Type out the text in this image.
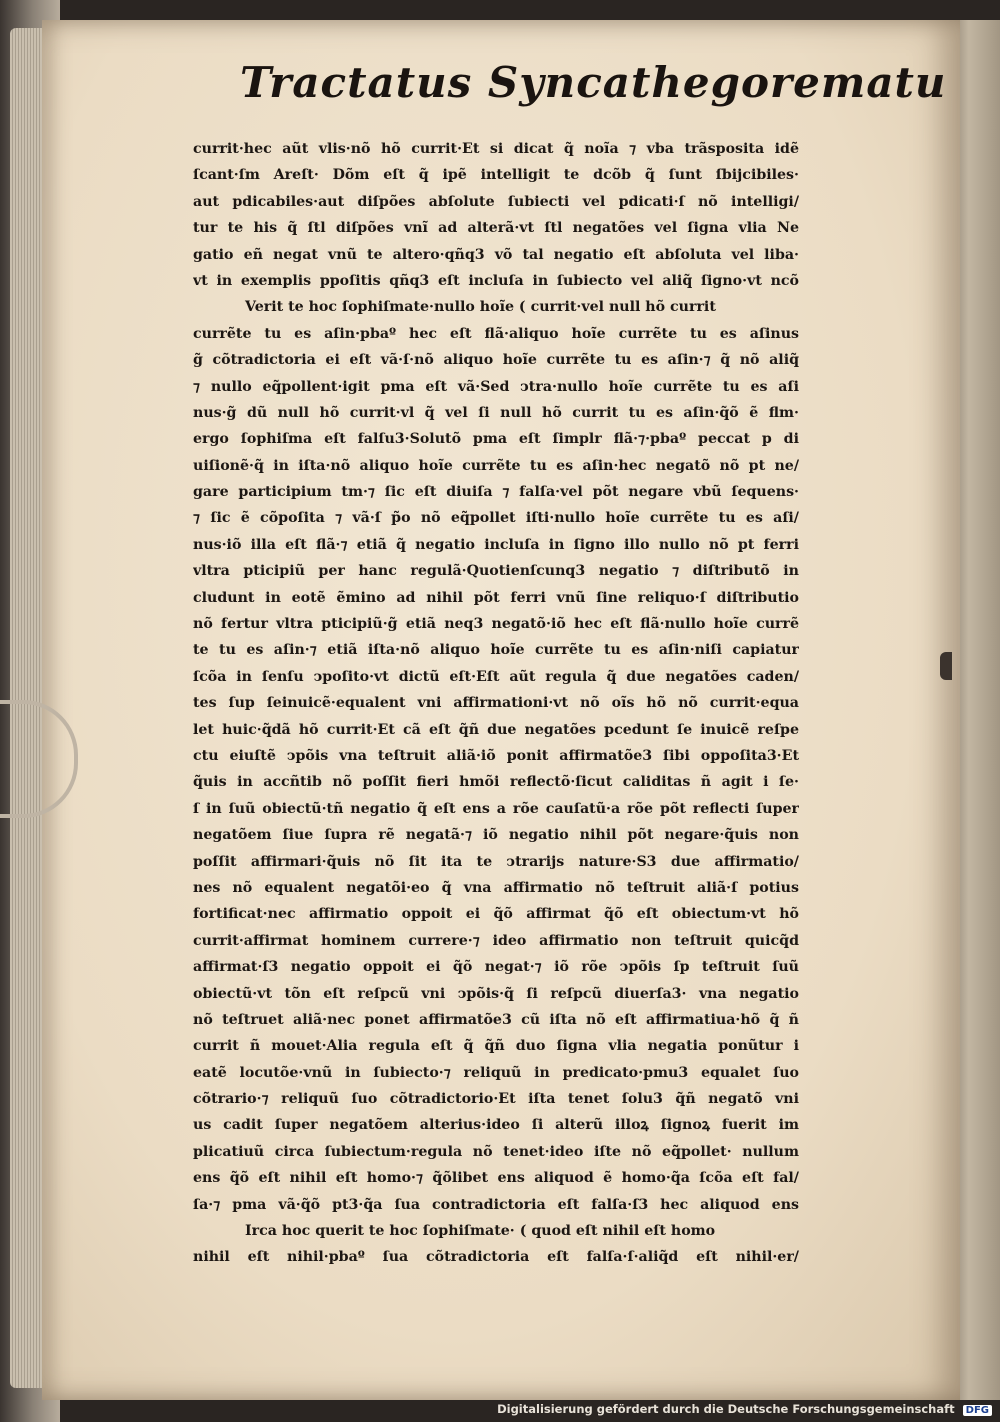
Tractatus Syncathegorematu
currit·hec aũt vlis·nõ hõ currit·Et si dicat q̃ noĩa ⁊ vba trãsposita idẽ
ſcant·ſm Areſt· Dõm eſt q̃ ipẽ intelligit te dcõb q̃ ſunt ſbijcibiles·
aut pdicabiles·aut diſpões abſolute ſubiecti vel pdicati·ſ nõ intelligi/
tur te his q̃ ſtl diſpões vnĩ ad alterã·vt ſtl negatões vel ſigna vlia Ne
gatio eñ negat vnũ te altero·qñq3 võ tal negatio eſt abſoluta vel liba·
vt in exemplis ppoſitis qñq3 eſt incluſa in ſubiecto vel aliq̃ ſigno·vt ncõ
Verit te hoc ſophiſmate·nullo hoĩe ( currit·vel null hõ currit
currẽte tu es aſin·pbaº hec eſt flã·aliquo hoĩe currẽte tu es aſinus
g̃ cõtradictoria ei eſt vã·ſ·nõ aliquo hoĩe currẽte tu es aſin·⁊ q̃ nõ aliq̃
⁊ nullo eq̃pollent·igit pma eſt vã·Sed ↄtra·nullo hoĩe currẽte tu es aſi
nus·g̃ dũ null hõ currit·vl q̃ vel ſi null hõ currit tu es aſin·q̃õ ẽ flm·
ergo ſophiſma eſt falſu3·Solutõ pma eſt ſimplr flã·⁊·pbaº peccat p di
uiſionẽ·q̃ in iſta·nõ aliquo hoĩe currẽte tu es aſin·hec negatõ nõ pt ne/
gare participium tm·⁊ ſic eſt diuiſa ⁊ falſa·vel põt negare vbũ ſequens·
⁊ ſic ẽ cõpoſita ⁊ vã·ſ p̃o nõ eq̃pollet iſti·nullo hoĩe currẽte tu es aſi/
nus·iõ illa eſt flã·⁊ etiã q̃ negatio incluſa in ſigno illo nullo nõ pt ferri
vltra pticipiũ per hanc regulã·Quotienſcunq3 negatio ⁊ diſtributõ in
cludunt in eotẽ ẽmino ad nihil põt ferri vnũ ſine reliquo·ſ diſtributio
nõ fertur vltra pticipiũ·g̃ etiã neq3 negatõ·iõ hec eſt flã·nullo hoĩe currẽ
te tu es aſin·⁊ etiã iſta·nõ aliquo hoĩe currẽte tu es aſin·niſi capiatur
ſcõa in ſenſu ↄpoſito·vt dictũ eſt·Eſt aũt regula q̃ due negatões caden/
tes ſup ſeinuicẽ·equalent vni affirmationi·vt nõ oĩs hõ nõ currit·equa
let huic·q̃dã hõ currit·Et cã eſt q̃ñ due negatões pcedunt ſe inuicẽ reſpe
ctu eiuſtẽ ↄpõis vna teſtruit aliã·iõ ponit affirmatõe3 ſibi oppoſita3·Et
q̃uis in accñtib nõ poſſit fieri hmõi reflectõ·ſicut caliditas ñ agit i ſe·
ſ in ſuũ obiectũ·tñ negatio q̃ eſt ens a rõe cauſatũ·a rõe põt reflecti ſuper
negatõem ſiue ſupra rẽ negatã·⁊ iõ negatio nihil põt negare·q̃uis non
poſſit affirmari·q̃uis nõ ſit ita te ↄtrarijs nature·S3 due affirmatio/
nes nõ equalent negatõi·eo q̃ vna affirmatio nõ teſtruit aliã·ſ potius
fortificat·nec affirmatio oppoit ei q̃õ affirmat q̃õ eſt obiectum·vt hõ
currit·affirmat hominem currere·⁊ ideo affirmatio non teſtruit quicq̃d
affirmat·ſ3 negatio oppoit ei q̃õ negat·⁊ iõ rõe ↄpõis ſp teſtruit ſuũ
obiectũ·vt tõn eſt reſpcũ vni ↄpõis·q̃ ſi reſpcũ diuerſa3· vna negatio
nõ teſtruet aliã·nec ponet affirmatõe3 cũ iſta nõ eſt affirmatiua·hõ q̃ ñ
currit ñ mouet·Alia regula eſt q̃ q̃ñ duo ſigna vlia negatia ponũtur i
eatẽ locutõe·vnũ in ſubiecto·⁊ reliquũ in predicato·pmu3 equalet ſuo
cõtrario·⁊ reliquũ ſuo cõtradictorio·Et iſta tenet ſolu3 q̃ñ negatõ vni
us cadit ſuper negatõem alterius·ideo ſi alterũ illoꝝ ſignoꝝ fuerit im
plicatiuũ circa ſubiectum·regula nõ tenet·ideo iſte nõ eq̃pollet· nullum
ens q̃õ eſt nihil eſt homo·⁊ q̃õlibet ens aliquod ẽ homo·q̃a ſcõa eſt fal/
ſa·⁊ pma vã·q̃õ pt3·q̃a ſua contradictoria eſt falſa·ſ3 hec aliquod ens
Irca hoc querit te hoc ſophiſmate· ( quod eſt nihil eſt homo
nihil eſt nihil·pbaº ſua cõtradictoria eſt falſa·ſ·aliq̃d eſt nihil·er/
Digitalisierung gefördert durch die Deutsche Forschungsgemeinschaft DFG
